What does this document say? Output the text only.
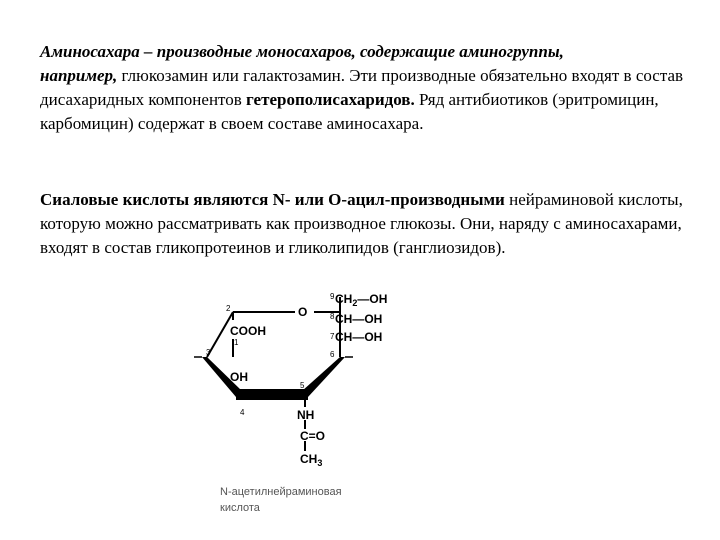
Аминосахара – производные моносахаров, содержащие аминогруппы,
например, глюкозамин или галактозамин. Эти производные обязательно входят в состав дисахаридных компонентов гетерополисахаридов. Ряд антибиотиков (эритромицин, карбомицин) содержат в своем составе аминосахара.

Сиаловые кислоты являются N- или О-ацил-производными нейраминовой кислоты, которую можно рассматривать как производное глюкозы. Они, наряду с аминосахарами, входят в состав гликопротеинов и гликолипидов (ганглиозидов).

O
COOH
OH
NH
C=O
$CH_3$
$CH_2—OH$
CH—OH
CH—OH
2
1
3
4
5
6
7
8
9
N-ацетилнейраминовая
кислота
